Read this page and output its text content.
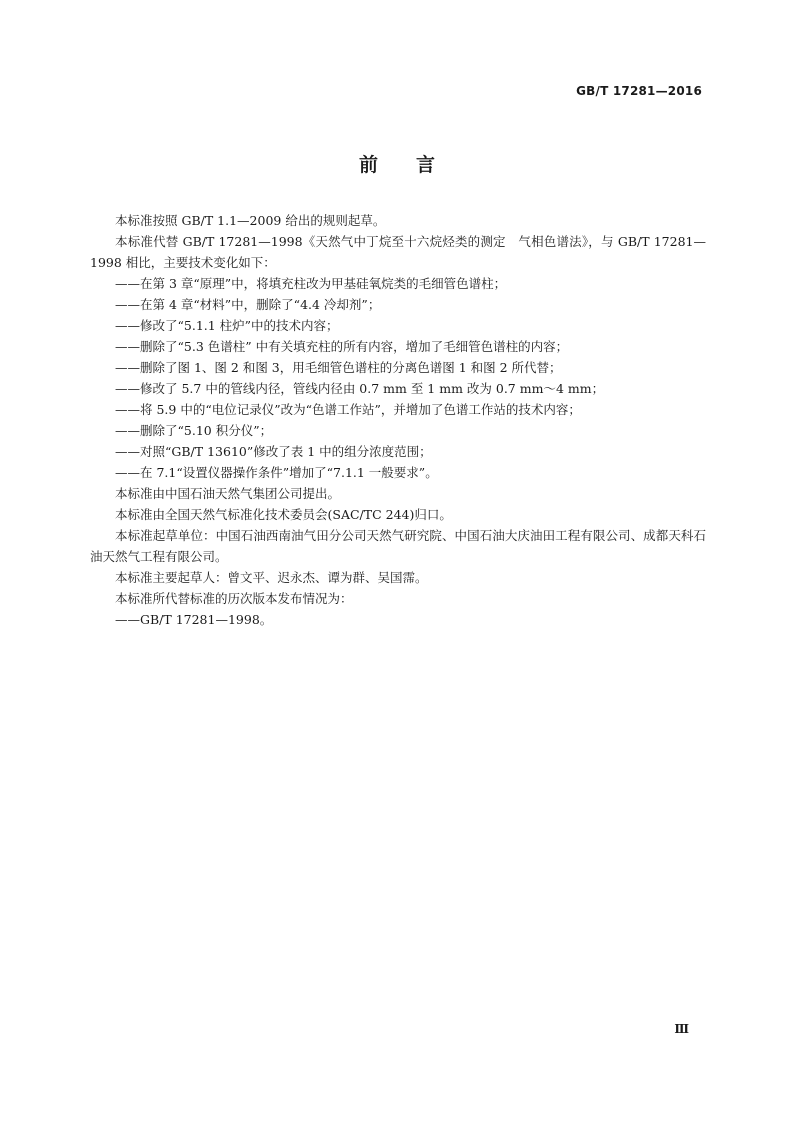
GB/T 17281—2016
前言

本标准按照 GB/T 1.1—2009 给出的规则起草。

本标准代替 GB/T 17281—1998《天然气中丁烷至十六烷烃类的测定　气相色谱法》，与 GB/T 17281—1998 相比，主要技术变化如下：

——在第 3 章“原理”中，将填充柱改为甲基硅氧烷类的毛细管色谱柱；

——在第 4 章“材料”中，删除了“4.4 冷却剂”；

——修改了“5.1.1 柱炉”中的技术内容；

——删除了“5.3 色谱柱” 中有关填充柱的所有内容，增加了毛细管色谱柱的内容；

——删除了图 1、图 2 和图 3，用毛细管色谱柱的分离色谱图 1 和图 2 所代替；

——修改了 5.7 中的管线内径，管线内径由 0.7 mm 至 1 mm 改为 0.7 mm～4 mm；

——将 5.9 中的“电位记录仪”改为“色谱工作站”，并增加了色谱工作站的技术内容；

——删除了“5.10 积分仪”；

——对照“GB/T 13610”修改了表 1 中的组分浓度范围；

——在 7.1“设置仪器操作条件”增加了“7.1.1 一般要求”。

本标准由中国石油天然气集团公司提出。

本标准由全国天然气标准化技术委员会(SAC/TC 244)归口。

本标准起草单位：中国石油西南油气田分公司天然气研究院、中国石油大庆油田工程有限公司、成都天科石油天然气工程有限公司。

本标准主要起草人：曾文平、迟永杰、谭为群、吴国霈。

本标准所代替标准的历次版本发布情况为：

——GB/T 17281—1998。

Ⅲ
